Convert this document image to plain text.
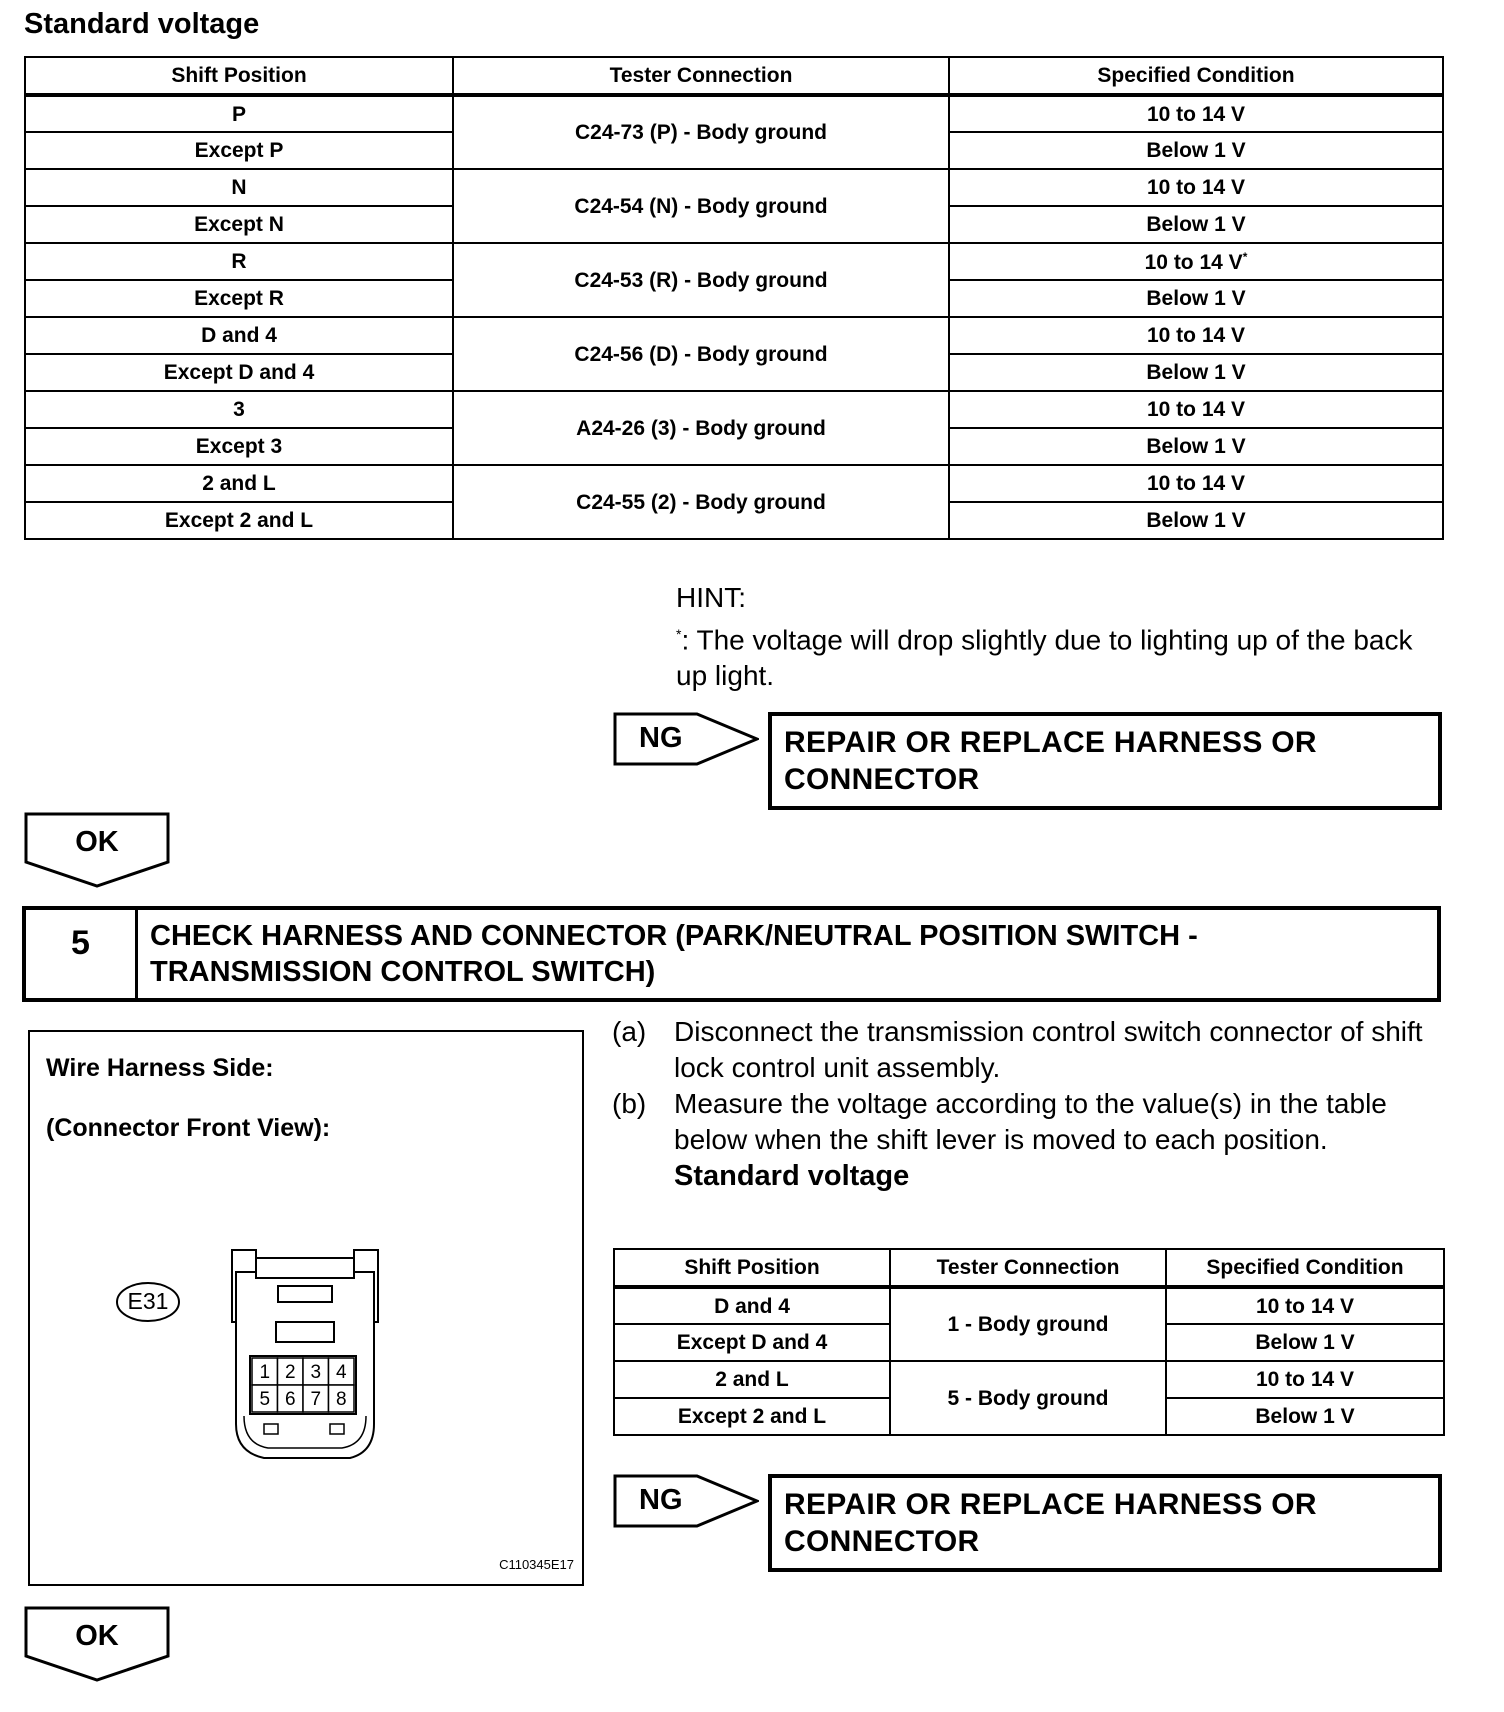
Standard voltage
Shift Position	Tester Connection	Specified Condition
P	C24-73 (P) - Body ground	10 to 14 V
Except P		Below 1 V
N	C24-54 (N) - Body ground	10 to 14 V
Except N		Below 1 V
R	C24-53 (R) - Body ground	10 to 14 V*
Except R		Below 1 V
D and 4	C24-56 (D) - Body ground	10 to 14 V
Except D and 4		Below 1 V
3	A24-26 (3) - Body ground	10 to 14 V
Except 3		Below 1 V
2 and L	C24-55 (2) - Body ground	10 to 14 V
Except 2 and L		Below 1 V
HINT:
*: The voltage will drop slightly due to lighting up of the back up light.
NG	REPAIR OR REPLACE HARNESS OR CONNECTOR
OK
5	CHECK HARNESS AND CONNECTOR (PARK/NEUTRAL POSITION SWITCH - TRANSMISSION CONTROL SWITCH)
Wire Harness Side:
(Connector Front View):
1 2 3 4
5 6 7 8
E31
C110345E17
(a) Disconnect the transmission control switch connector of shift lock control unit assembly.
(b) Measure the voltage according to the value(s) in the table below when the shift lever is moved to each position.
Standard voltage
Shift Position	Tester Connection	Specified Condition
D and 4	1 - Body ground	10 to 14 V
Except D and 4		Below 1 V
2 and L	5 - Body ground	10 to 14 V
Except 2 and L		Below 1 V
NG	REPAIR OR REPLACE HARNESS OR CONNECTOR
OK
